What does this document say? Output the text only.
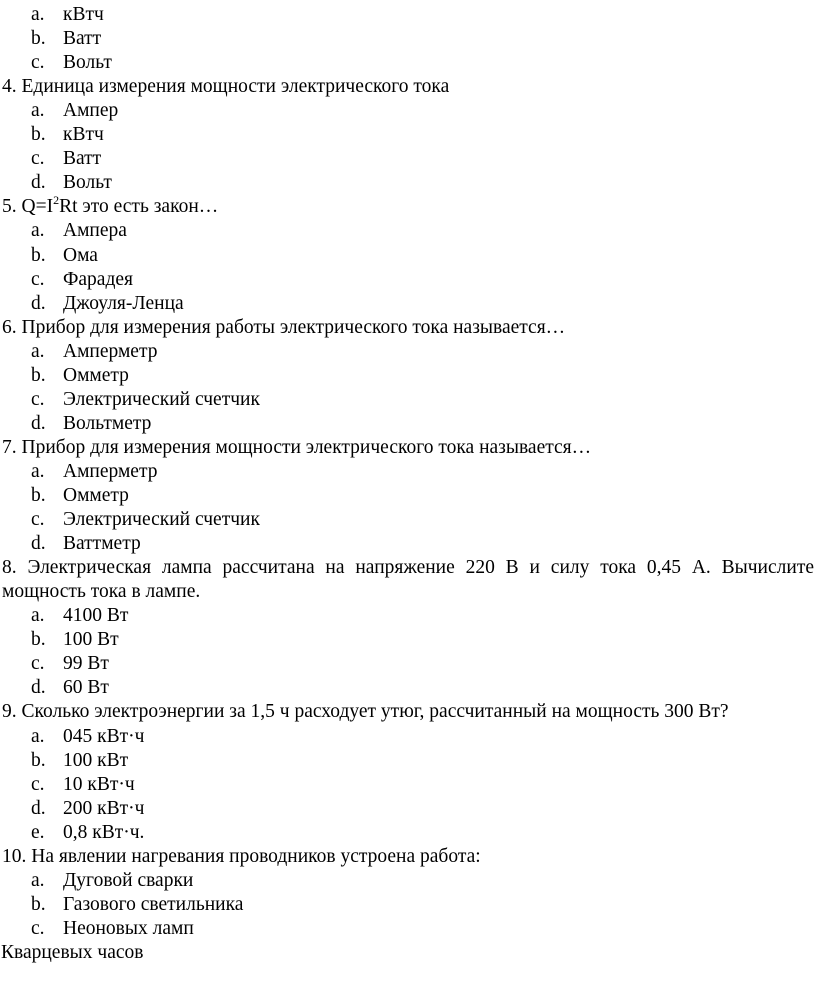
a. кВтч
b. Ватт
c. Вольт
4. Единица измерения мощности электрического тока
a. Ампер
b. кВтч
c. Ватт
d. Вольт
5. $Q=I^2Rt$ это есть закон…
a. Ампера
b. Ома
c. Фарадея
d. Джоуля-Ленца
6. Прибор для измерения работы электрического тока называется…
a. Амперметр
b. Омметр
c. Электрический счетчик
d. Вольтметр
7. Прибор для измерения мощности электрического тока называется…
a. Амперметр
b. Омметр
c. Электрический счетчик
d. Ваттметр
8. Электрическая лампа рассчитана на напряжение 220 В и силу тока 0,45 А. Вычислите
мощность тока в лампе.
a. 4100 Вт
b. 100 Вт
c. 99 Вт
d. 60 Вт
9. Сколько электроэнергии за 1,5 ч расходует утюг, рассчитанный на мощность 300 Вт?
a. 045 кВт·ч
b. 100 кВт
c. 10 кВт·ч
d. 200 кВт·ч
e. 0,8 кВт·ч.
10. На явлении нагревания проводников устроена работа:
a. Дуговой сварки
b. Газового светильника
c. Неоновых ламп
Кварцевых часов
